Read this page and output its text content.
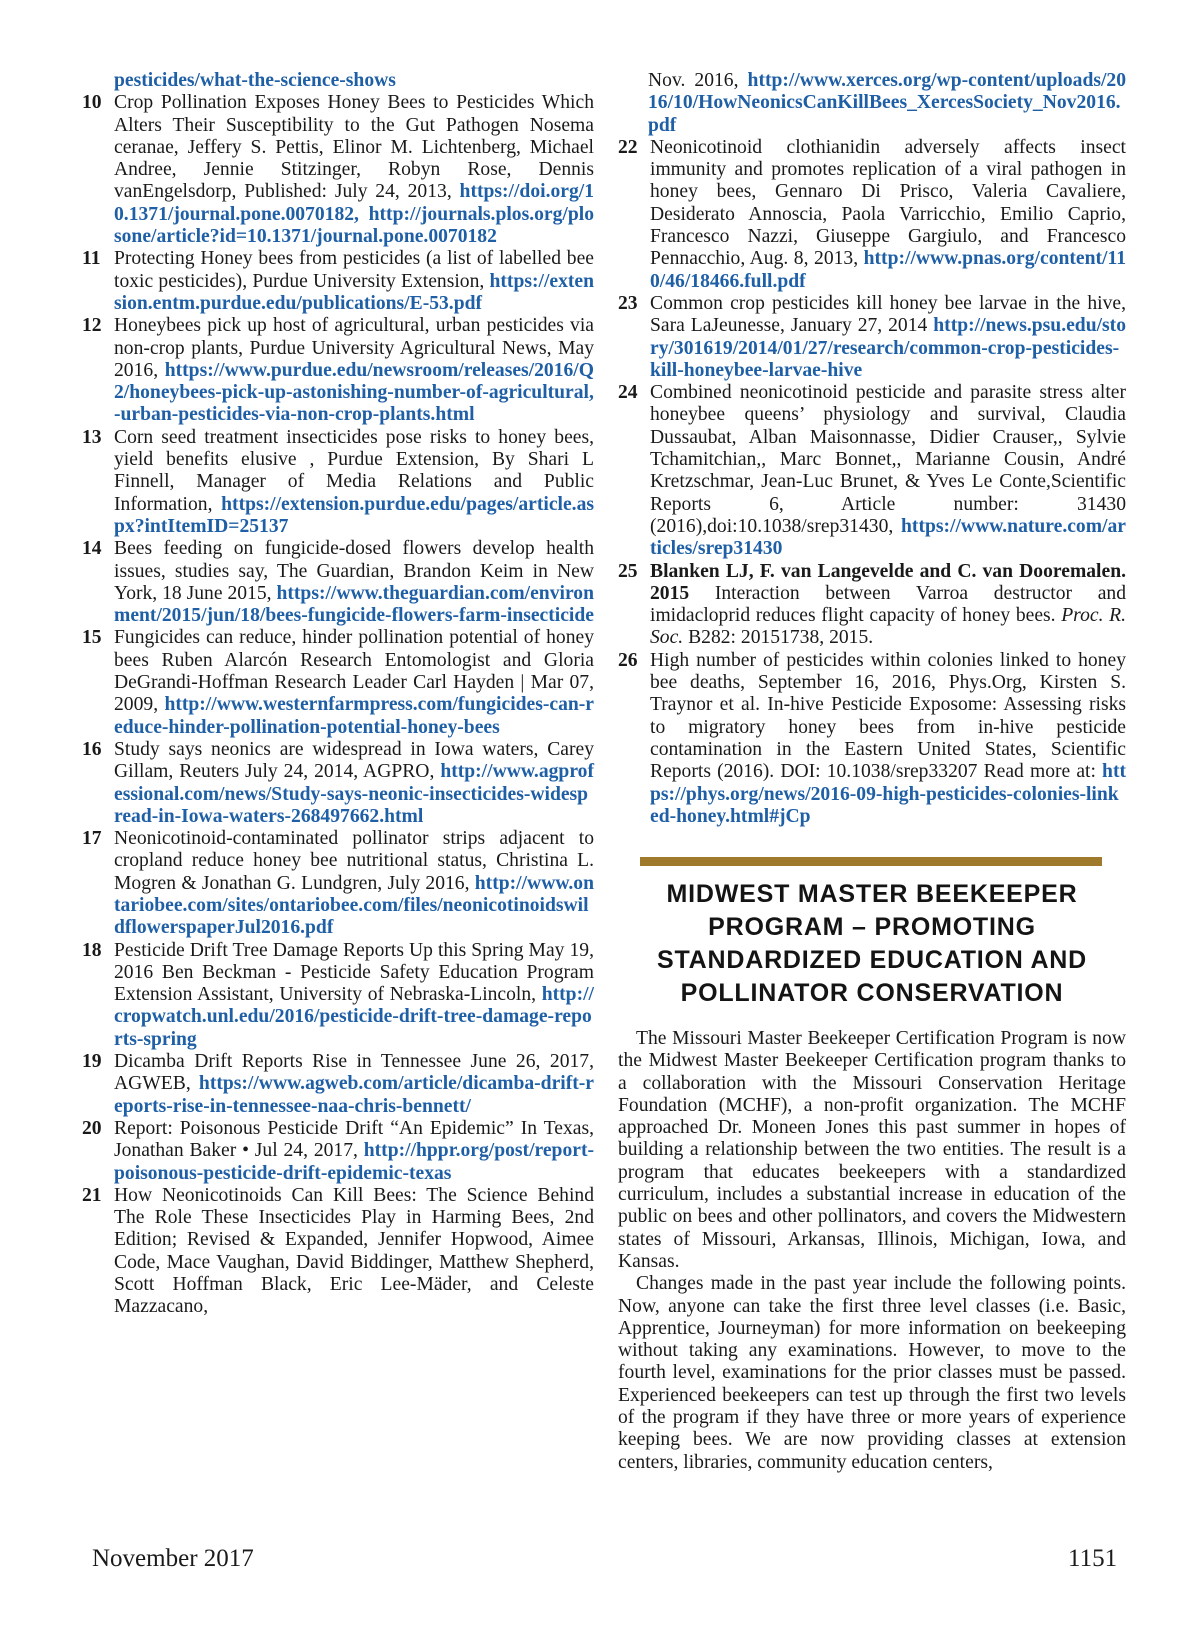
pesticides/what-the-science-shows
10 Crop Pollination Exposes Honey Bees to Pesticides Which Alters Their Susceptibility to the Gut Pathogen Nosema ceranae, Jeffery S. Pettis, Elinor M. Lichtenberg, Michael Andree, Jennie Stitzinger, Robyn Rose, Dennis vanEngelsdorp, Published: July 24, 2013, https://doi.org/10.1371/journal.pone.0070182, http://journals.plos.org/plosone/article?id=10.1371/journal.pone.0070182
11 Protecting Honey bees from pesticides (a list of labelled bee toxic pesticides), Purdue University Extension, https://extension.entm.purdue.edu/publications/E-53.pdf
12 Honeybees pick up host of agricultural, urban pesticides via non-crop plants, Purdue University Agricultural News, May 2016, https://www.purdue.edu/newsroom/releases/2016/Q2/honeybees-pick-up-astonishing-number-of-agricultural,-urban-pesticides-via-non-crop-plants.html
13 Corn seed treatment insecticides pose risks to honey bees, yield benefits elusive , Purdue Extension, By Shari L Finnell, Manager of Media Relations and Public Information, https://extension.purdue.edu/pages/article.aspx?intItemID=25137
14 Bees feeding on fungicide-dosed flowers develop health issues, studies say, The Guardian, Brandon Keim in New York, 18 June 2015, https://www.theguardian.com/environment/2015/jun/18/bees-fungicide-flowers-farm-insecticide
15 Fungicides can reduce, hinder pollination potential of honey bees Ruben Alarcón Research Entomologist and Gloria DeGrandi-Hoffman Research Leader Carl Hayden | Mar 07, 2009, http://www.westernfarmpress.com/fungicides-can-reduce-hinder-pollination-potential-honey-bees
16 Study says neonics are widespread in Iowa waters, Carey Gillam, Reuters July 24, 2014, AGPRO, http://www.agprofessional.com/news/Study-says-neonic-insecticides-widespread-in-Iowa-waters-268497662.html
17 Neonicotinoid-contaminated pollinator strips adjacent to cropland reduce honey bee nutritional status, Christina L. Mogren & Jonathan G. Lundgren, July 2016, http://www.ontariobee.com/sites/ontariobee.com/files/neonicotinoidswildflowerspaperJul2016.pdf
18 Pesticide Drift Tree Damage Reports Up this Spring May 19, 2016 Ben Beckman - Pesticide Safety Education Program Extension Assistant, University of Nebraska-Lincoln, http://cropwatch.unl.edu/2016/pesticide-drift-tree-damage-reports-spring
19 Dicamba Drift Reports Rise in Tennessee June 26, 2017, AGWEB, https://www.agweb.com/article/dicamba-drift-reports-rise-in-tennessee-naa-chris-bennett/
20 Report: Poisonous Pesticide Drift “An Epidemic” In Texas, Jonathan Baker • Jul 24, 2017, http://hppr.org/post/report-poisonous-pesticide-drift-epidemic-texas
21 How Neonicotinoids Can Kill Bees: The Science Behind The Role These Insecticides Play in Harming Bees, 2nd Edition; Revised & Expanded, Jennifer Hopwood, Aimee Code, Mace Vaughan, David Biddinger, Matthew Shepherd, Scott Hoffman Black, Eric Lee-Mäder, and Celeste Mazzacano,
Nov. 2016, http://www.xerces.org/wp-content/uploads/2016/10/HowNeonicsCanKillBees_XercesSociety_Nov2016.pdf
22 Neonicotinoid clothianidin adversely affects insect immunity and promotes replication of a viral pathogen in honey bees, Gennaro Di Prisco, Valeria Cavaliere, Desiderato Annoscia, Paola Varricchio, Emilio Caprio, Francesco Nazzi, Giuseppe Gargiulo, and Francesco Pennacchio, Aug. 8, 2013, http://www.pnas.org/content/110/46/18466.full.pdf
23 Common crop pesticides kill honey bee larvae in the hive, Sara LaJeunesse, January 27, 2014 http://news.psu.edu/story/301619/2014/01/27/research/common-crop-pesticides-kill-honeybee-larvae-hive
24 Combined neonicotinoid pesticide and parasite stress alter honeybee queens’ physiology and survival, Claudia Dussaubat, Alban Maisonnasse, Didier Crauser,, Sylvie Tchamitchian,, Marc Bonnet,, Marianne Cousin, André Kretzschmar, Jean-Luc Brunet, & Yves Le Conte,Scientific Reports 6, Article number: 31430 (2016),doi:10.1038/srep31430, https://www.nature.com/articles/srep31430
25 Blanken LJ, F. van Langevelde and C. van Dooremalen. 2015 Interaction between Varroa destructor and imidacloprid reduces flight capacity of honey bees. Proc. R. Soc. B282: 20151738, 2015.
26 High number of pesticides within colonies linked to honey bee deaths, September 16, 2016, Phys.Org, Kirsten S. Traynor et al. In-hive Pesticide Exposome: Assessing risks to migratory honey bees from in-hive pesticide contamination in the Eastern United States, Scientific Reports (2016). DOI: 10.1038/srep33207 Read more at: https://phys.org/news/2016-09-high-pesticides-colonies-linked-honey.html#jCp
MIDWEST MASTER BEEKEEPER PROGRAM – PROMOTING STANDARDIZED EDUCATION AND POLLINATOR CONSERVATION

The Missouri Master Beekeeper Certification Program is now the Midwest Master Beekeeper Certification program thanks to a collaboration with the Missouri Conservation Heritage Foundation (MCHF), a non-profit organization. The MCHF approached Dr. Moneen Jones this past summer in hopes of building a relationship between the two entities. The result is a program that educates beekeepers with a standardized curriculum, includes a substantial increase in education of the public on bees and other pollinators, and covers the Midwestern states of Missouri, Arkansas, Illinois, Michigan, Iowa, and Kansas.

Changes made in the past year include the following points. Now, anyone can take the first three level classes (i.e. Basic, Apprentice, Journeyman) for more information on beekeeping without taking any examinations. However, to move to the fourth level, examinations for the prior classes must be passed. Experienced beekeepers can test up through the first two levels of the program if they have three or more years of experience keeping bees. We are now providing classes at extension centers, libraries, community education centers,

November 2017	1151
